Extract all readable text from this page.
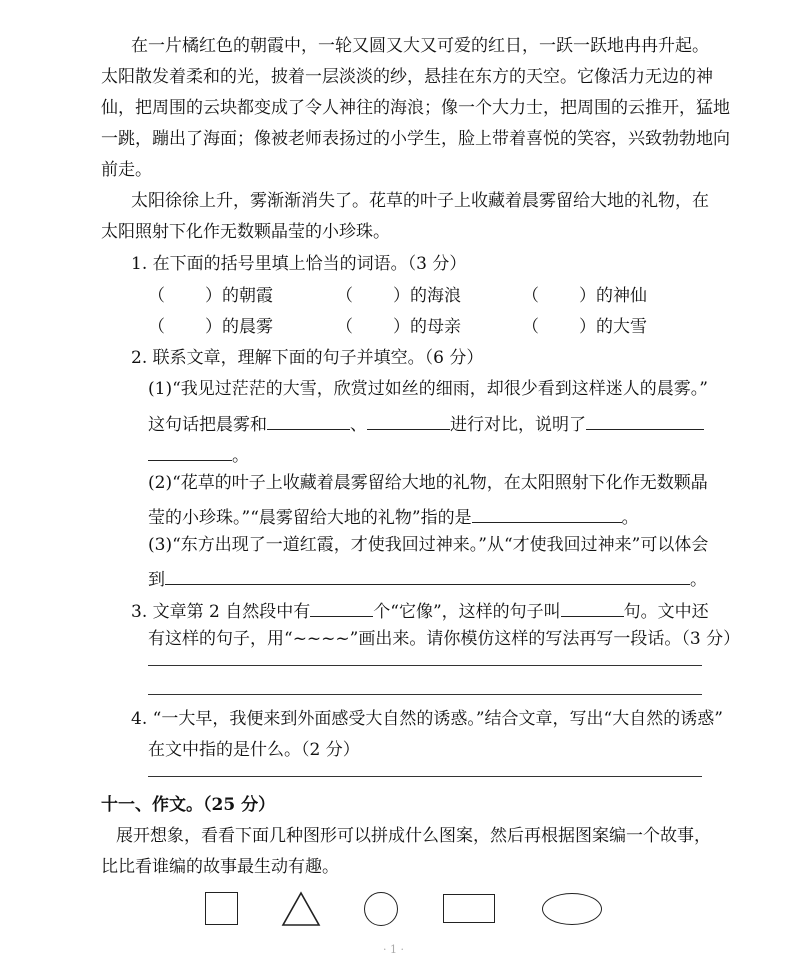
在一片橘红色的朝霞中，一轮又圆又大又可爱的红日，一跃一跃地冉冉升起。
太阳散发着柔和的光，披着一层淡淡的纱，悬挂在东方的天空。它像活力无边的神
仙，把周围的云块都变成了令人神往的海浪；像一个大力士，把周围的云推开，猛地
一跳，蹦出了海面；像被老师表扬过的小学生，脸上带着喜悦的笑容，兴致勃勃地向
前走。
太阳徐徐上升，雾渐渐消失了。花草的叶子上收藏着晨雾留给大地的礼物，在
太阳照射下化作无数颗晶莹的小珍珠。
1. 在下面的括号里填上恰当的词语。（3 分）
（ ）的朝霞	（ ）的海浪	（ ）的神仙
（ ）的晨雾	（ ）的母亲	（ ）的大雪
2. 联系文章，理解下面的句子并填空。（6 分）
(1)“我见过茫茫的大雪，欣赏过如丝的细雨，却很少看到这样迷人的晨雾。”
这句话把晨雾和	、	进行对比，说明了
。
(2)“花草的叶子上收藏着晨雾留给大地的礼物，在太阳照射下化作无数颗晶
莹的小珍珠。”“晨雾留给大地的礼物”指的是	。
(3)“东方出现了一道红霞，才使我回过神来。”从“才使我回过神来”可以体会
到	。
3. 文章第 2 自然段中有	个“它像”，这样的句子叫	句。文中还
有这样的句子，用“~~~~”画出来。请你模仿这样的写法再写一段话。（3 分）
4. “一大早，我便来到外面感受大自然的诱惑。”结合文章，写出“大自然的诱惑”
在文中指的是什么。（2 分）
十一、作文。（25 分）
展开想象，看看下面几种图形可以拼成什么图案，然后再根据图案编一个故事，
比比看谁编的故事最生动有趣。
· 1 ·
